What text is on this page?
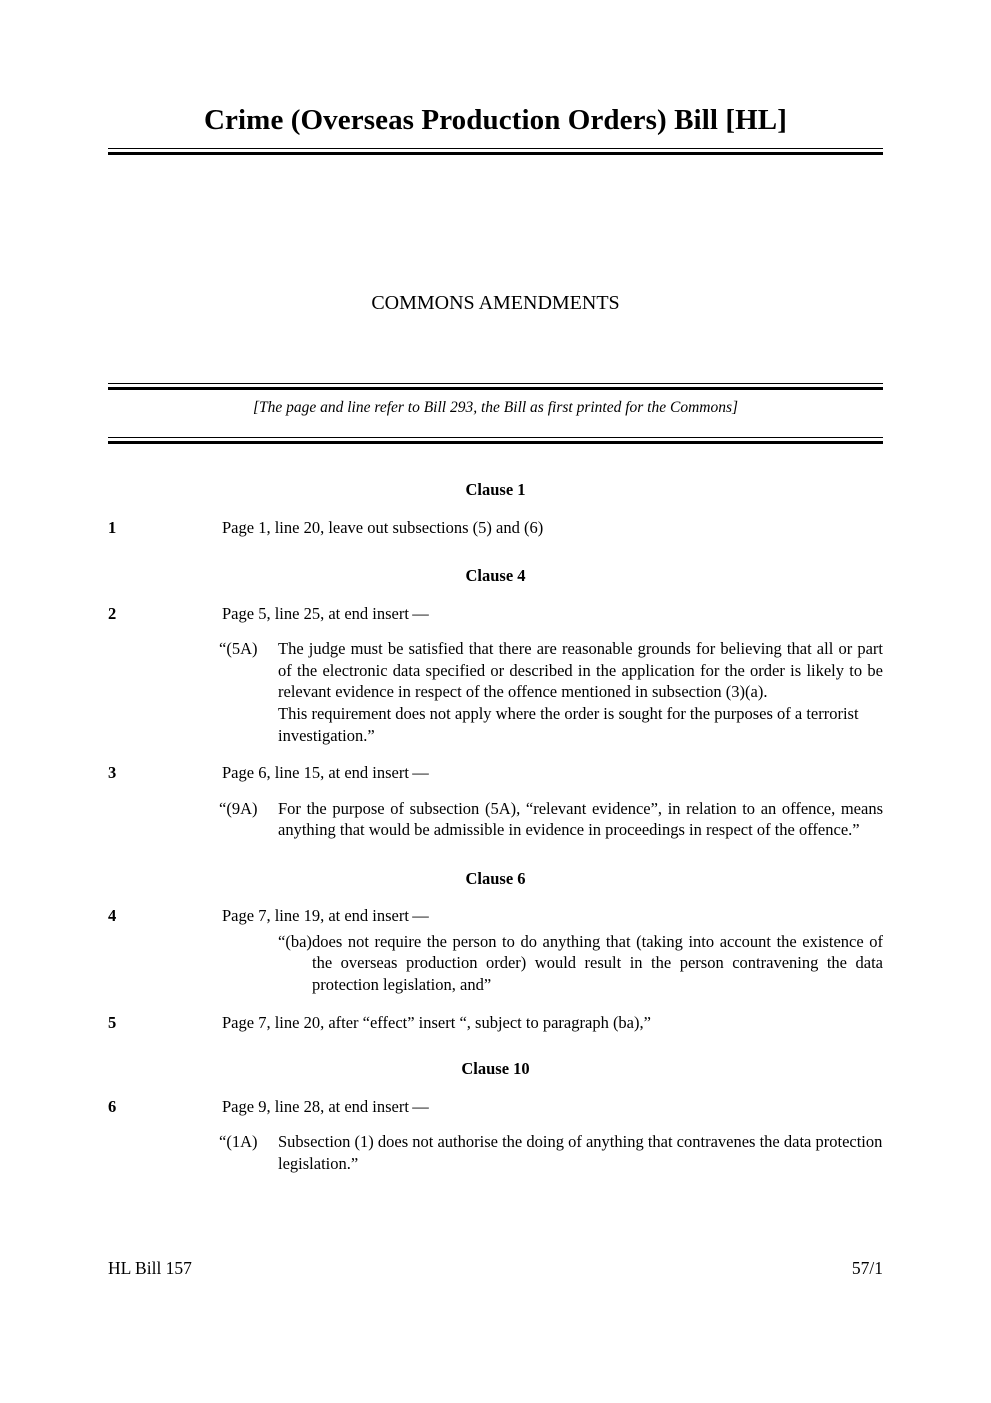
Crime (Overseas Production Orders) Bill [HL]
COMMONS AMENDMENTS
[The page and line refer to Bill 293, the Bill as first printed for the Commons]
Clause 1
1	Page 1, line 20, leave out subsections (5) and (6)
Clause 4
2	Page 5, line 25, at end insert —
“(5A) The judge must be satisfied that there are reasonable grounds for believing that all or part of the electronic data specified or described in the application for the order is likely to be relevant evidence in respect of the offence mentioned in subsection (3)(a).

This requirement does not apply where the order is sought for the purposes of a terrorist investigation.”

3	Page 6, line 15, at end insert —
“(9A) For the purpose of subsection (5A), “relevant evidence”, in relation to an offence, means anything that would be admissible in evidence in proceedings in respect of the offence.”

Clause 6
4	Page 7, line 19, at end insert —
“(ba) does not require the person to do anything that (taking into account the existence of the overseas production order) would result in the person contravening the data protection legislation, and”

5	Page 7, line 20, after “effect” insert “, subject to paragraph (ba),”
Clause 10
6	Page 9, line 28, at end insert —
“(1A) Subsection (1) does not authorise the doing of anything that contravenes the data protection legislation.”

HL Bill 157	57/1
